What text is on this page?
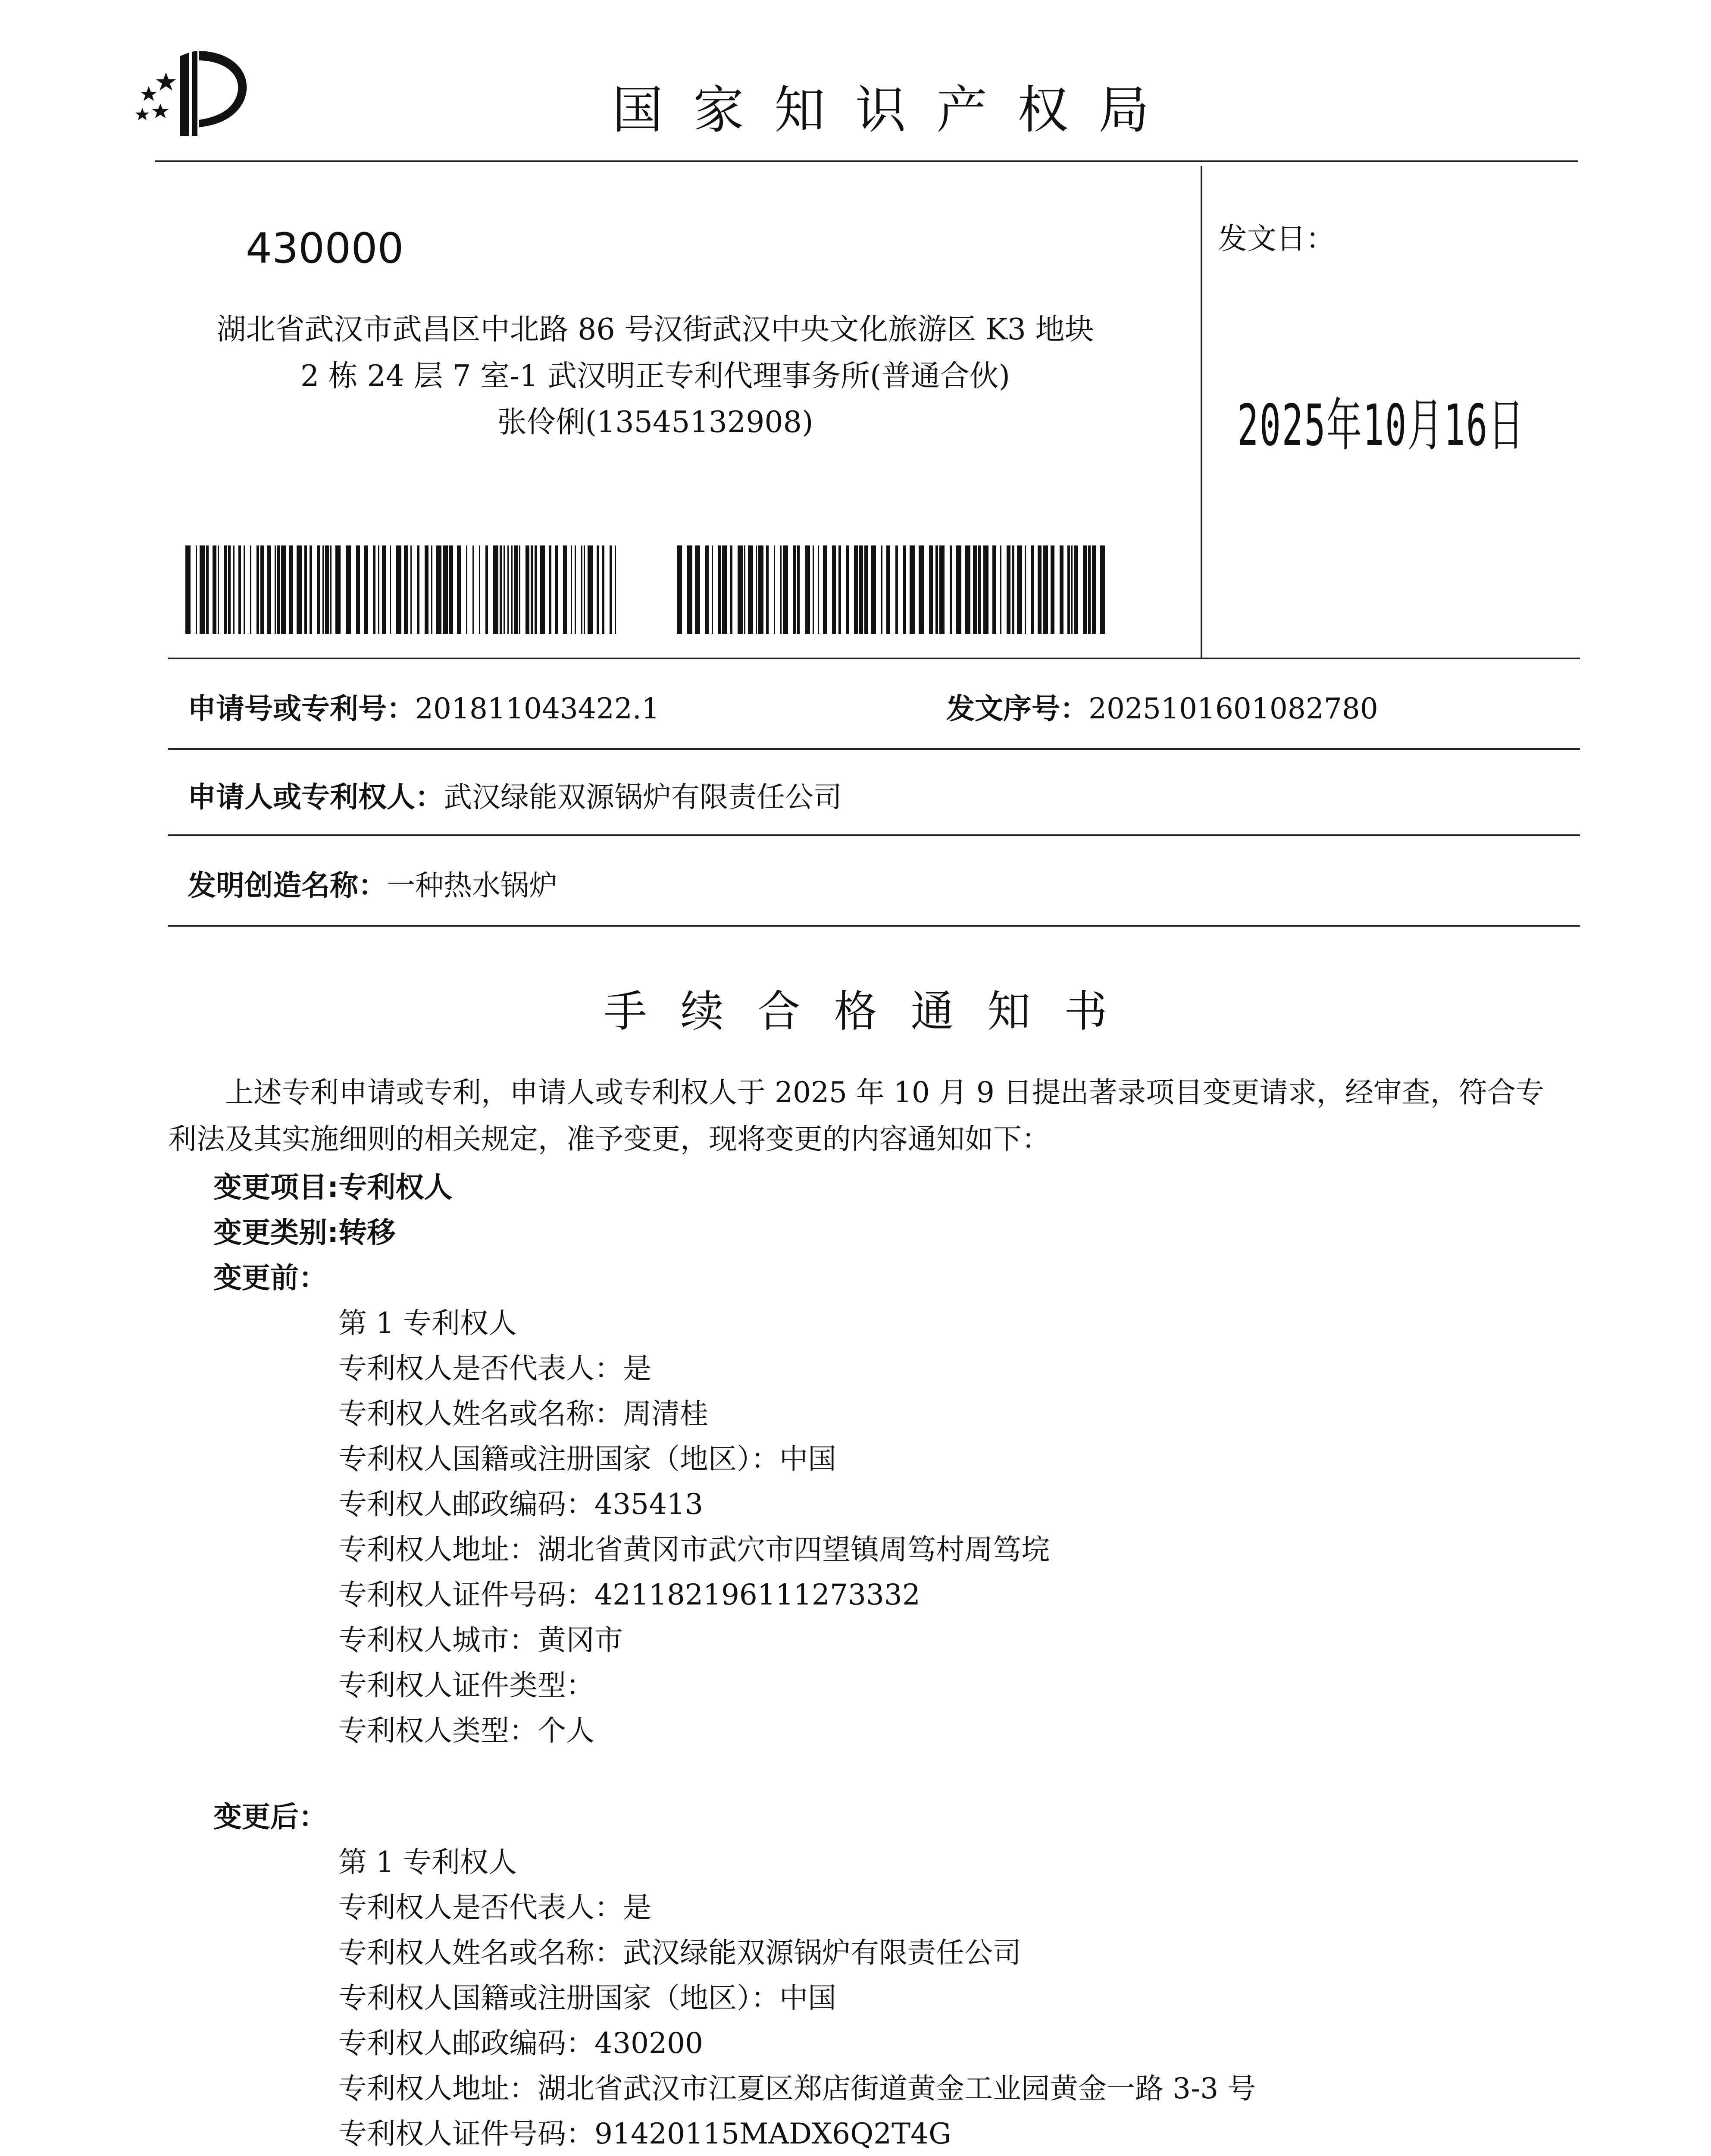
国家知识产权局
430000
湖北省武汉市武昌区中北路 86 号汉街武汉中央文化旅游区 K3 地块
2 栋 24 层 7 室-1 武汉明正专利代理事务所(普通合伙)
张伶俐(13545132908)
发文日：
2025年10月16日
申请号或专利号：201811043422.1	发文序号：2025101601082780
申请人或专利权人：武汉绿能双源锅炉有限责任公司
发明创造名称：一种热水锅炉
手续合格通知书
上述专利申请或专利，申请人或专利权人于 2025 年 10 月 9 日提出著录项目变更请求，经审查，符合专利法及其实施细则的相关规定，准予变更，现将变更的内容通知如下：
变更项目:专利权人
变更类别:转移
变更前：
第 1 专利权人
专利权人是否代表人：是
专利权人姓名或名称：周清桂
专利权人国籍或注册国家（地区）：中国
专利权人邮政编码：435413
专利权人地址：湖北省黄冈市武穴市四望镇周笃村周笃垸
专利权人证件号码：421182196111273332
专利权人城市：黄冈市
专利权人证件类型：
专利权人类型：个人
变更后：
第 1 专利权人
专利权人是否代表人：是
专利权人姓名或名称：武汉绿能双源锅炉有限责任公司
专利权人国籍或注册国家（地区）：中国
专利权人邮政编码：430200
专利权人地址：湖北省武汉市江夏区郑店街道黄金工业园黄金一路 3-3 号
专利权人证件号码：91420115MADX6Q2T4G
